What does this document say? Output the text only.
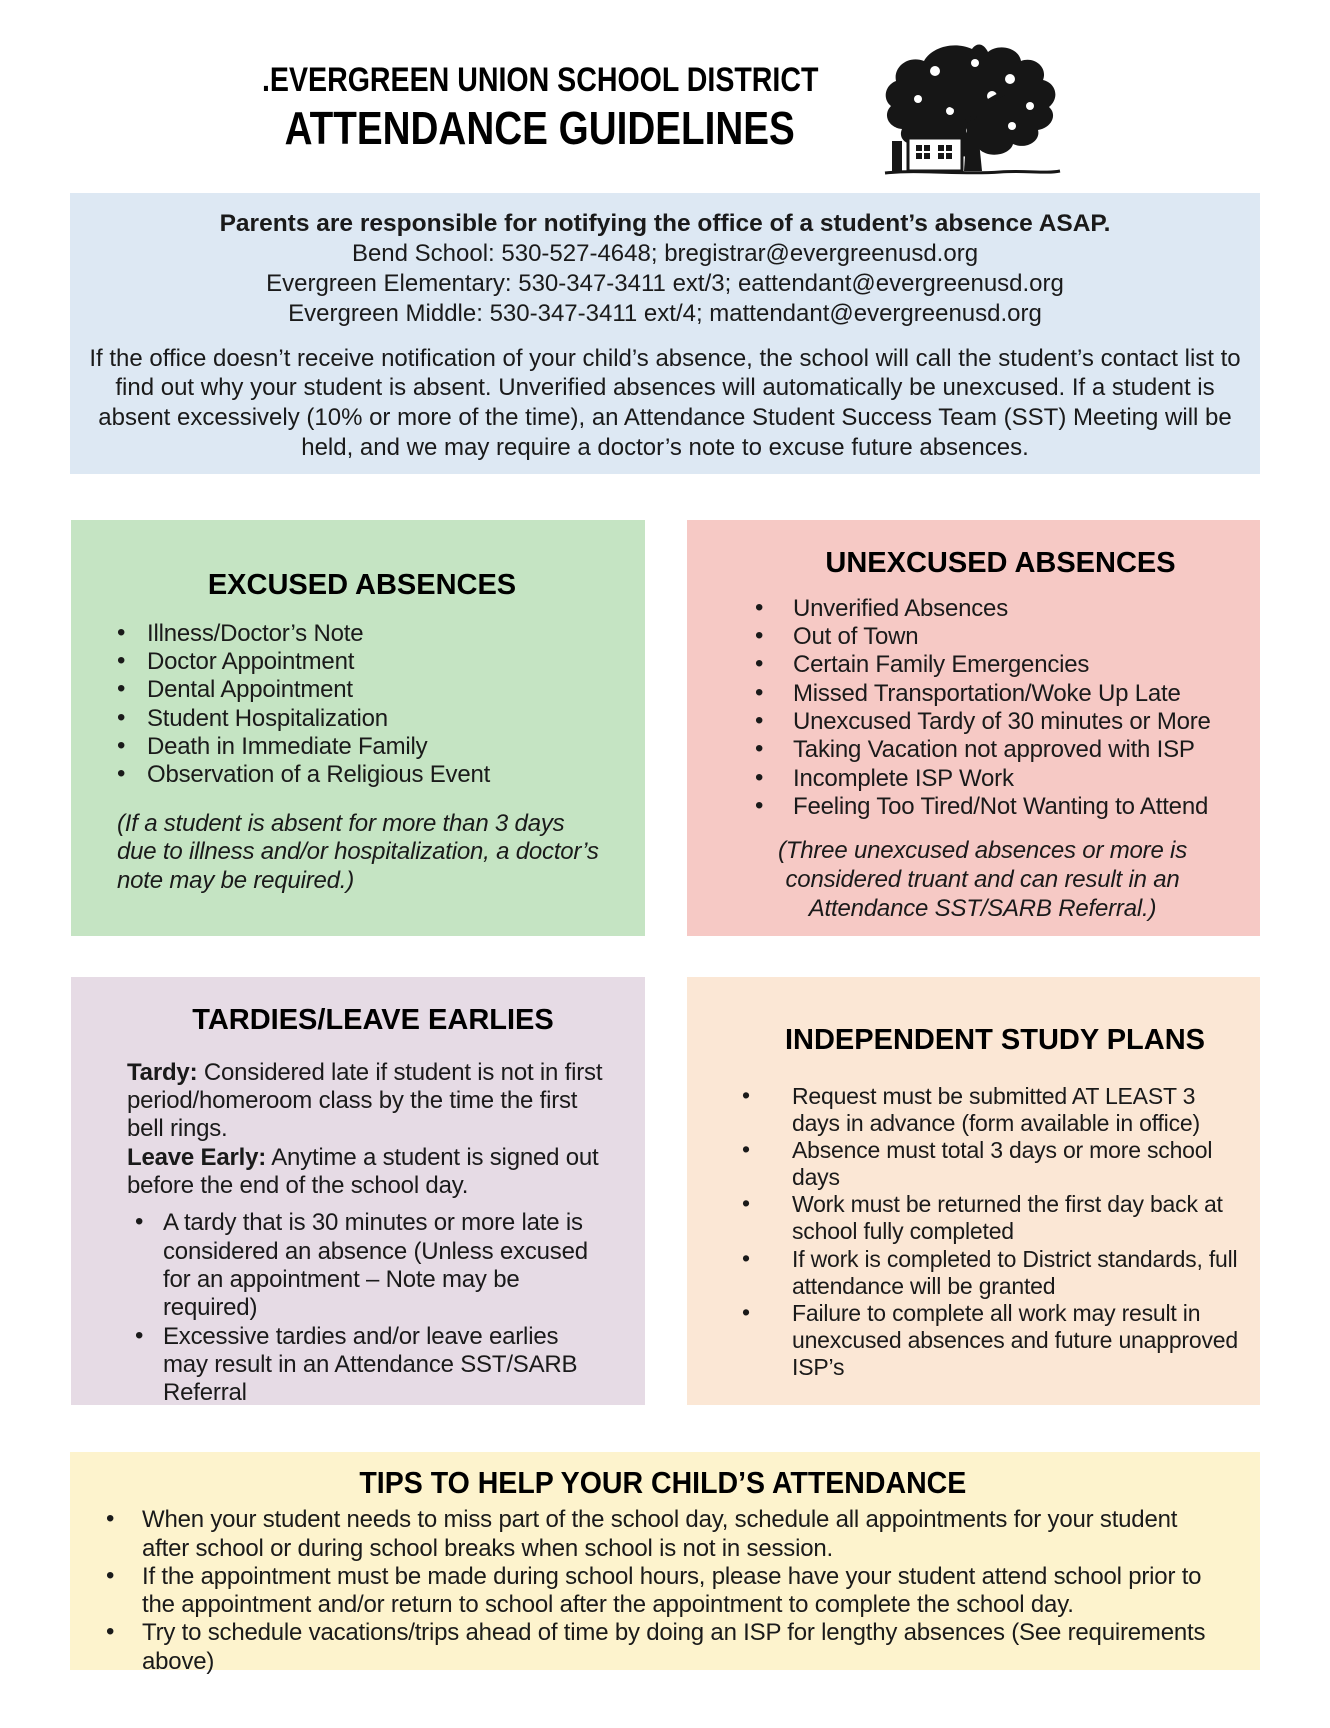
.EVERGREEN UNION SCHOOL DISTRICT
ATTENDANCE GUIDELINES
Parents are responsible for notifying the office of a student’s absence ASAP.
Bend School: 530-527-4648; bregistrar@evergreenusd.org
Evergreen Elementary: 530-347-3411 ext/3; eattendant@evergreenusd.org
Evergreen Middle: 530-347-3411 ext/4; mattendant@evergreenusd.org
If the office doesn’t receive notification of your child’s absence, the school will call the student’s contact list to find out why your student is absent. Unverified absences will automatically be unexcused. If a student is absent excessively (10% or more of the time), an Attendance Student Success Team (SST) Meeting will be held, and we may require a doctor’s note to excuse future absences.
EXCUSED ABSENCES
• Illness/Doctor’s Note
• Doctor Appointment
• Dental Appointment
• Student Hospitalization
• Death in Immediate Family
• Observation of a Religious Event
(If a student is absent for more than 3 days due to illness and/or hospitalization, a doctor’s note may be required.)
UNEXCUSED ABSENCES
• Unverified Absences
• Out of Town
• Certain Family Emergencies
• Missed Transportation/Woke Up Late
• Unexcused Tardy of 30 minutes or More
• Taking Vacation not approved with ISP
• Incomplete ISP Work
• Feeling Too Tired/Not Wanting to Attend
(Three unexcused absences or more is considered truant and can result in an Attendance SST/SARB Referral.)
TARDIES/LEAVE EARLIES
Tardy: Considered late if student is not in first period/homeroom class by the time the first bell rings.
Leave Early: Anytime a student is signed out before the end of the school day.
• A tardy that is 30 minutes or more late is considered an absence (Unless excused for an appointment – Note may be required)
• Excessive tardies and/or leave earlies may result in an Attendance SST/SARB Referral
INDEPENDENT STUDY PLANS
• Request must be submitted AT LEAST 3 days in advance (form available in office)
• Absence must total 3 days or more school days
• Work must be returned the first day back at school fully completed
• If work is completed to District standards, full attendance will be granted
• Failure to complete all work may result in unexcused absences and future unapproved ISP’s
TIPS TO HELP YOUR CHILD’S ATTENDANCE
• When your student needs to miss part of the school day, schedule all appointments for your student after school or during school breaks when school is not in session.
• If the appointment must be made during school hours, please have your student attend school prior to the appointment and/or return to school after the appointment to complete the school day.
• Try to schedule vacations/trips ahead of time by doing an ISP for lengthy absences (See requirements above)
